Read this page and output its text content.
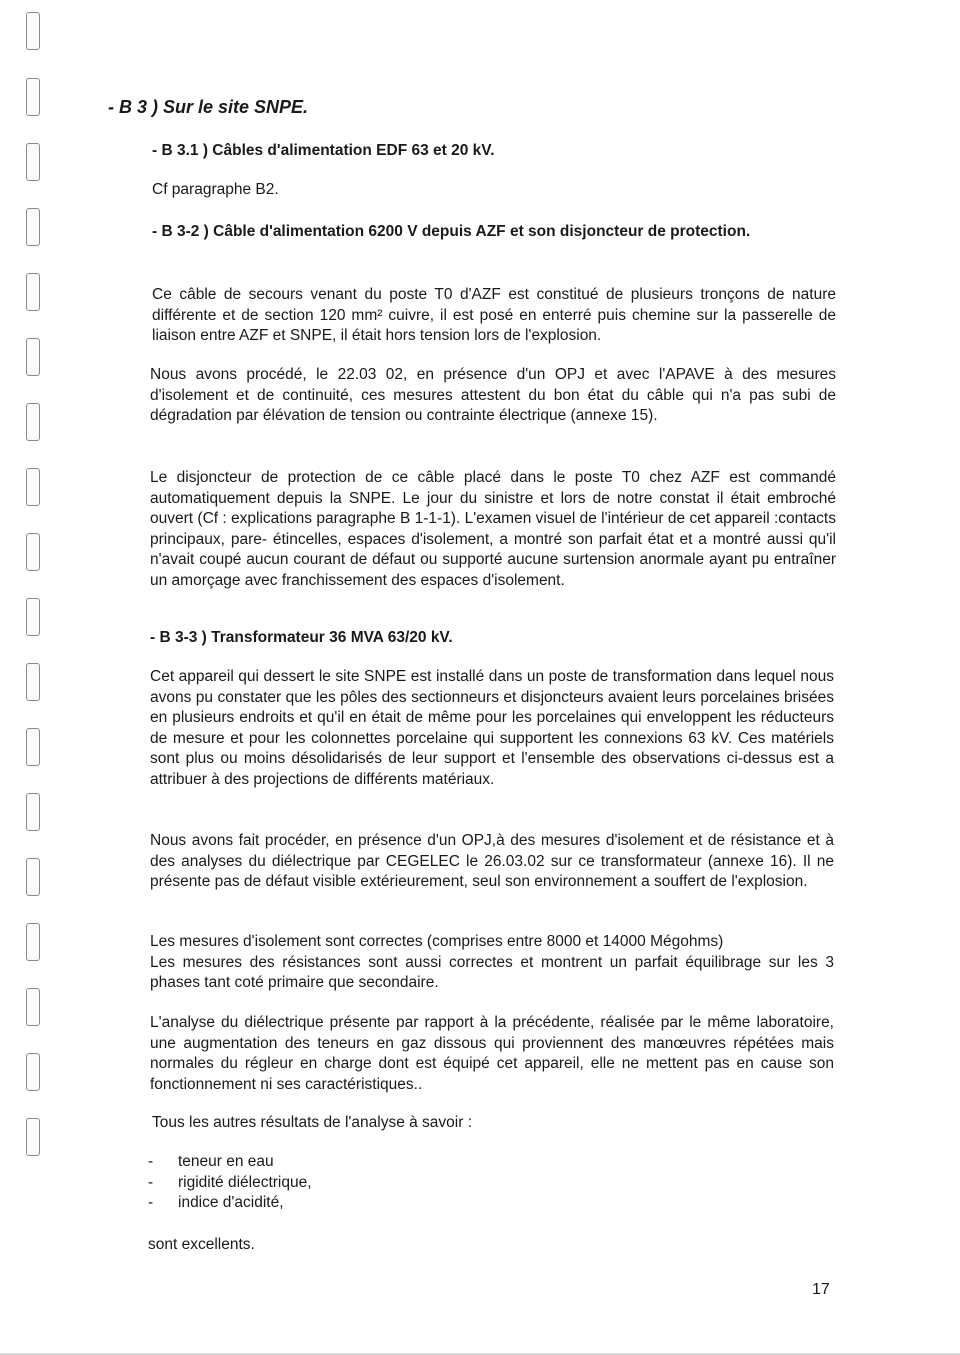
- B 3 ) Sur le site SNPE.

- B 3.1 ) Câbles d'alimentation EDF 63 et 20 kV.

Cf paragraphe B2.

- B 3-2 ) Câble d'alimentation 6200 V depuis AZF et son disjoncteur de protection.

Ce câble de secours venant du poste T0 d'AZF est constitué de plusieurs tronçons de nature différente et de section 120 mm² cuivre, il est posé en enterré puis chemine sur la passerelle de liaison entre AZF et SNPE, il était hors tension lors de l'explosion.

Nous avons procédé, le 22.03 02, en présence d'un OPJ et avec l'APAVE à des mesures d'isolement et de continuité, ces mesures attestent du bon état du câble qui n'a pas subi de dégradation par élévation de tension ou contrainte électrique (annexe 15).

Le disjoncteur de protection de ce câble placé dans le poste T0 chez AZF est commandé automatiquement depuis la SNPE. Le jour du sinistre et lors de notre constat il était embroché ouvert (Cf : explications paragraphe B 1-1-1). L'examen visuel de l'intérieur de cet appareil :contacts principaux, pare- étincelles, espaces d'isolement, a montré son parfait état et a montré aussi qu'il n'avait coupé aucun courant de défaut ou supporté aucune surtension anormale ayant pu entraîner un amorçage avec franchissement des espaces d'isolement.

- B 3-3 ) Transformateur 36 MVA 63/20 kV.

Cet appareil qui dessert le site SNPE est installé dans un poste de transformation dans lequel nous avons pu constater que les pôles des sectionneurs et disjoncteurs avaient leurs porcelaines brisées en plusieurs endroits et qu'il en était de même pour les porcelaines qui enveloppent les réducteurs de mesure et pour les colonnettes porcelaine qui supportent les connexions 63 kV. Ces matériels sont plus ou moins désolidarisés de leur support et l'ensemble des observations ci-dessus est a attribuer à des projections de différents matériaux.

Nous avons fait procéder, en présence d'un OPJ,à des mesures d'isolement et de résistance et à des analyses du diélectrique par CEGELEC le 26.03.02 sur ce transformateur (annexe 16). Il ne présente pas de défaut visible extérieurement, seul son environnement a souffert de l'explosion.

Les mesures d'isolement sont correctes (comprises entre 8000 et 14000 Mégohms)
Les mesures des résistances sont aussi correctes et montrent un parfait équilibrage sur les 3 phases tant coté primaire que secondaire.

L'analyse du diélectrique présente par rapport à la précédente, réalisée par le même laboratoire, une augmentation des teneurs en gaz dissous qui proviennent des manœuvres répétées mais normales du régleur en charge dont est équipé cet appareil, elle ne mettent pas en cause son fonctionnement ni ses caractéristiques..

Tous les autres résultats de l'analyse à savoir :

- teneur en eau
- rigidité diélectrique,
- indice d'acidité,

sont excellents.

17
